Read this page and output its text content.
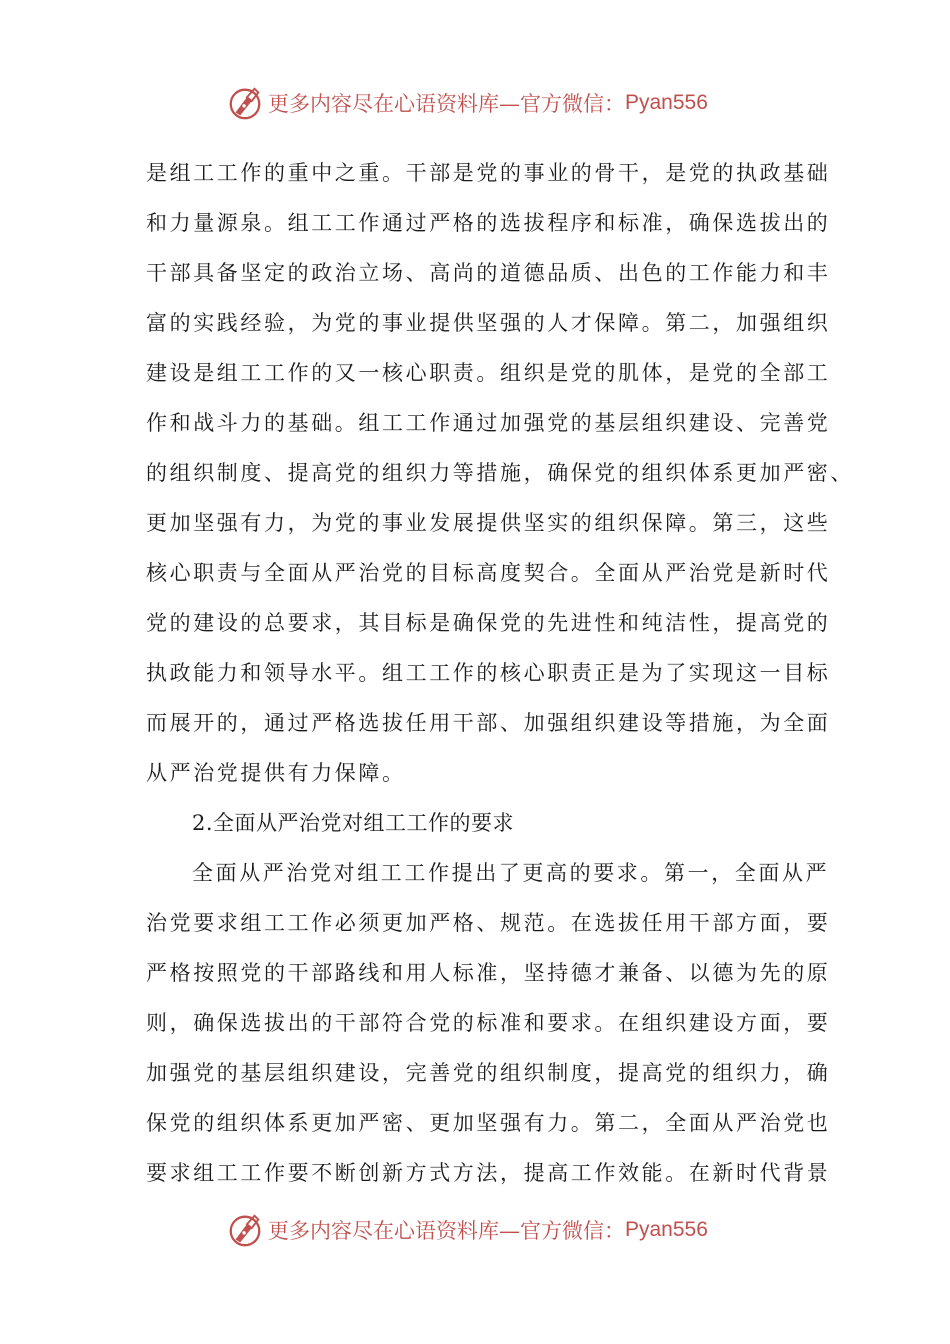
更多内容尽在心语资料库—官方微信： Pyan556
是组工工作的重中之重。干部是党的事业的骨干，是党的执政基础
和力量源泉。组工工作通过严格的选拔程序和标准，确保选拔出的
干部具备坚定的政治立场、高尚的道德品质、出色的工作能力和丰
富的实践经验，为党的事业提供坚强的人才保障。第二，加强组织
建设是组工工作的又一核心职责。组织是党的肌体，是党的全部工
作和战斗力的基础。组工工作通过加强党的基层组织建设、完善党
的组织制度、提高党的组织力等措施，确保党的组织体系更加严密、
更加坚强有力，为党的事业发展提供坚实的组织保障。第三，这些
核心职责与全面从严治党的目标高度契合。全面从严治党是新时代
党的建设的总要求，其目标是确保党的先进性和纯洁性，提高党的
执政能力和领导水平。组工工作的核心职责正是为了实现这一目标
而展开的，通过严格选拔任用干部、加强组织建设等措施，为全面
从严治党提供有力保障。
2.全面从严治党对组工工作的要求
全面从严治党对组工工作提出了更高的要求。第一，全面从严
治党要求组工工作必须更加严格、规范。在选拔任用干部方面，要
严格按照党的干部路线和用人标准，坚持德才兼备、以德为先的原
则，确保选拔出的干部符合党的标准和要求。在组织建设方面，要
加强党的基层组织建设，完善党的组织制度，提高党的组织力，确
保党的组织体系更加严密、更加坚强有力。第二，全面从严治党也
要求组工工作要不断创新方式方法，提高工作效能。在新时代背景
更多内容尽在心语资料库—官方微信： Pyan556
